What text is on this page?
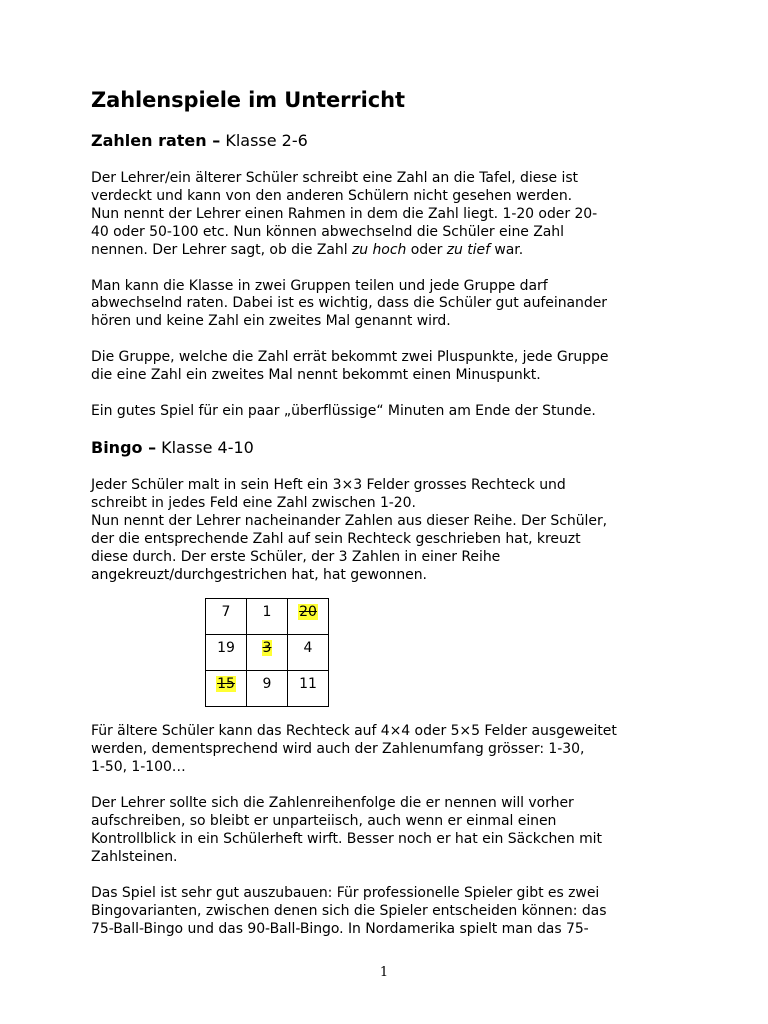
Zahlenspiele im Unterricht
Zahlen raten – Klasse 2-6

Der Lehrer/ein älterer Schüler schreibt eine Zahl an die Tafel, diese ist
verdeckt und kann von den anderen Schülern nicht gesehen werden.
Nun nennt der Lehrer einen Rahmen in dem die Zahl liegt. 1-20 oder 20-
40 oder 50-100 etc. Nun können abwechselnd die Schüler eine Zahl
nennen. Der Lehrer sagt, ob die Zahl zu hoch oder zu tief war.

Man kann die Klasse in zwei Gruppen teilen und jede Gruppe darf
abwechselnd raten. Dabei ist es wichtig, dass die Schüler gut aufeinander
hören und keine Zahl ein zweites Mal genannt wird.

Die Gruppe, welche die Zahl errät bekommt zwei Pluspunkte, jede Gruppe
die eine Zahl ein zweites Mal nennt bekommt einen Minuspunkt.

Ein gutes Spiel für ein paar „überflüssige“ Minuten am Ende der Stunde.

Bingo – Klasse 4-10

Jeder Schüler malt in sein Heft ein 3×3 Felder grosses Rechteck und
schreibt in jedes Feld eine Zahl zwischen 1-20.
Nun nennt der Lehrer nacheinander Zahlen aus dieser Reihe. Der Schüler,
der die entsprechende Zahl auf sein Rechteck geschrieben hat, kreuzt
diese durch. Der erste Schüler, der 3 Zahlen in einer Reihe
angekreuzt/durchgestrichen hat, hat gewonnen.

7	1	20
19	3	4
15	9	11

Für ältere Schüler kann das Rechteck auf 4×4 oder 5×5 Felder ausgeweitet
werden, dementsprechend wird auch der Zahlenumfang grösser: 1-30,
1-50, 1-100…

Der Lehrer sollte sich die Zahlenreihenfolge die er nennen will vorher
aufschreiben, so bleibt er unparteiisch, auch wenn er einmal einen
Kontrollblick in ein Schülerheft wirft. Besser noch er hat ein Säckchen mit
Zahlsteinen.

Das Spiel ist sehr gut auszubauen: Für professionelle Spieler gibt es zwei
Bingovarianten, zwischen denen sich die Spieler entscheiden können: das
75-Ball-Bingo und das 90-Ball-Bingo. In Nordamerika spielt man das 75-

1
